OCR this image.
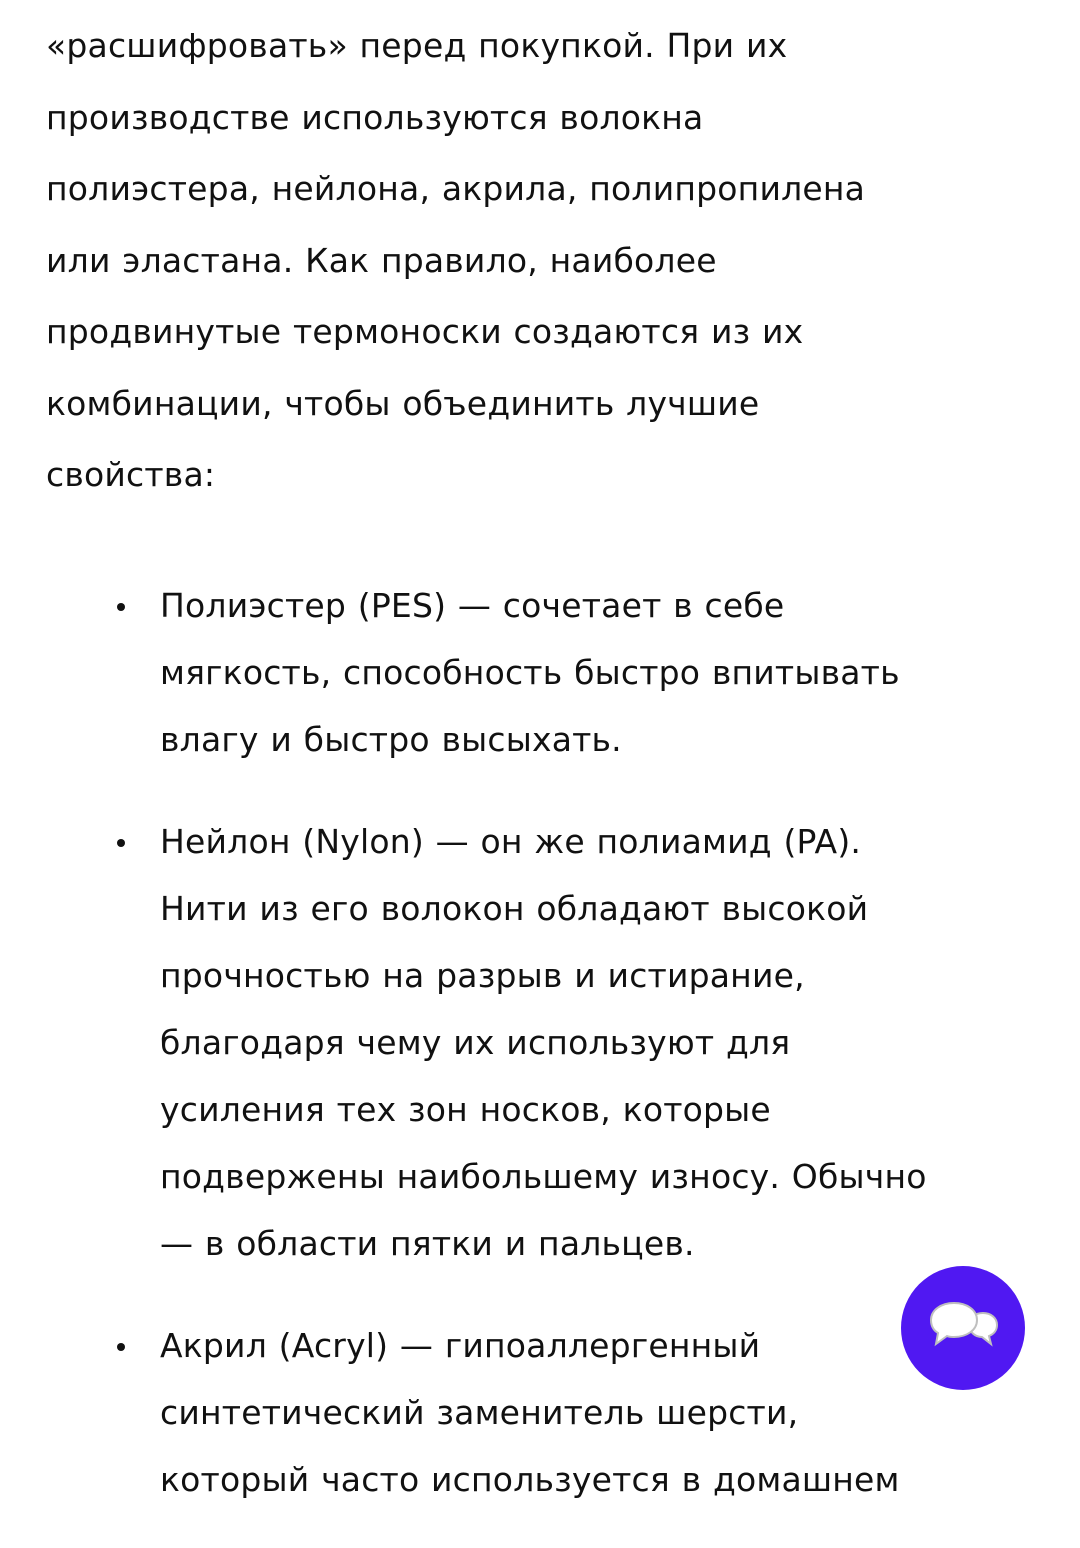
«расшифровать» перед покупкой. При их
производстве используются волокна
полиэстера, нейлона, акрила, полипропилена
или эластана. Как правило, наиболее
продвинутые термоноски создаются из их
комбинации, чтобы объединить лучшие
свойства:

Полиэстер (PES) — сочетает в себе
мягкость, способность быстро впитывать
влагу и быстро высыхать.
Нейлон (Nylon) — он же полиамид (PA).
Нити из его волокон обладают высокой
прочностью на разрыв и истирание,
благодаря чему их используют для
усиления тех зон носков, которые
подвержены наибольшему износу. Обычно
— в области пятки и пальцев.
Акрил (Acryl) — гипоаллергенный
синтетический заменитель шерсти,
который часто используется в домашнем
